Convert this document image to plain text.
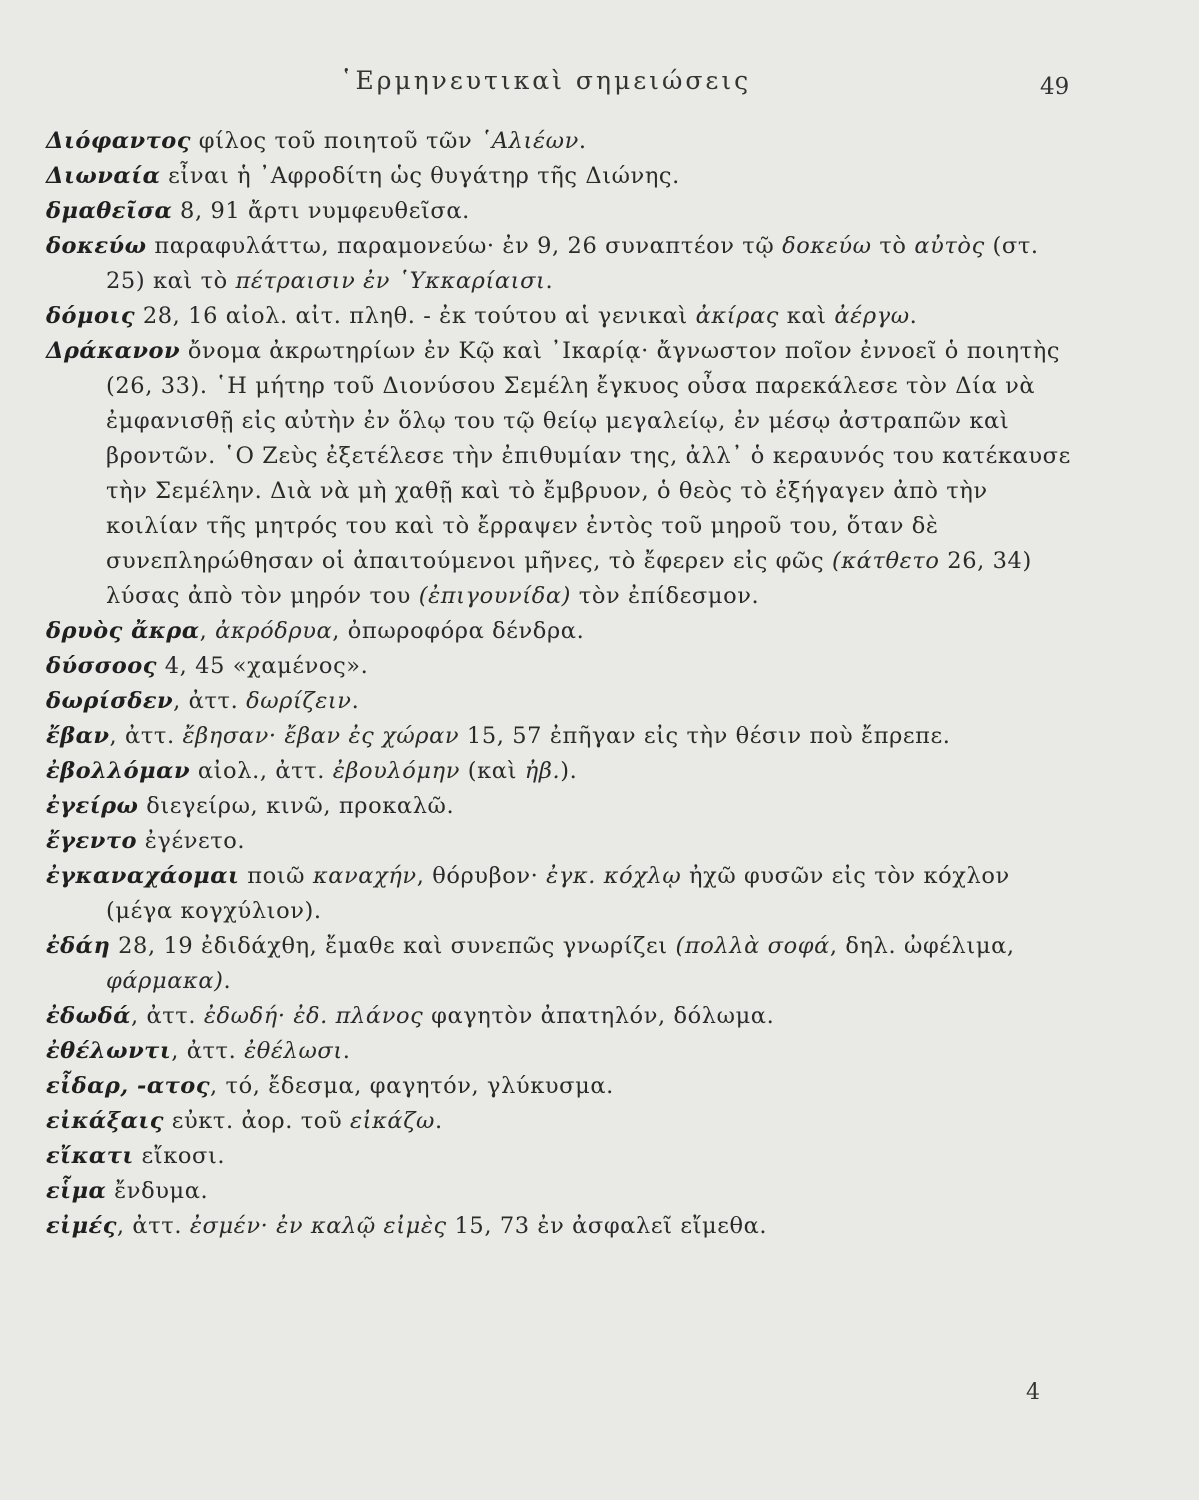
῾Ερμηνευτικαὶ σημειώσεις	49

Διόφαντος φίλος τοῦ ποιητοῦ τῶν ῾Αλιέων.

Διωναία εἶναι ἡ ᾿Αφροδίτη ὡς θυγάτηρ τῆς Διώνης.

δμαθεῖσα 8, 91 ἄρτι νυμφευθεῖσα.

δοκεύω παραφυλάττω, παραμονεύω· ἐν 9, 26 συναπτέον τῷ δοκεύω τὸ αὐτὸς (στ. 25) καὶ τὸ πέτραισιν ἐν ῾Υκκαρίαισι.

δόμοις 28, 16 αἰολ. αἰτ. πληθ. - ἐκ τούτου αἱ γενικαὶ ἀκίρας καὶ ἀέργω.

Δράκανον ὄνομα ἀκρωτηρίων ἐν Κῷ καὶ ᾿Ικαρίᾳ· ἄγνωστον ποῖον ἐννοεῖ ὁ ποιητὴς (26, 33). ῾Η μήτηρ τοῦ Διονύσου Σεμέλη ἔγκυος οὖσα παρεκάλεσε τὸν Δία νὰ ἐμφανισθῇ εἰς αὐτὴν ἐν ὅλῳ του τῷ θείῳ μεγαλείῳ, ἐν μέσῳ ἀστραπῶν καὶ βροντῶν. ῾Ο Ζεὺς ἐξετέλεσε τὴν ἐπιθυμίαν της, ἀλλ᾿ ὁ κεραυνός του κατέκαυσε τὴν Σεμέλην. Διὰ νὰ μὴ χαθῇ καὶ τὸ ἔμβρυον, ὁ θεὸς τὸ ἐξήγαγεν ἀπὸ τὴν κοιλίαν τῆς μητρός του καὶ τὸ ἔρραψεν ἐντὸς τοῦ μηροῦ του, ὅταν δὲ συνεπληρώθησαν οἱ ἀπαιτούμενοι μῆνες, τὸ ἔφερεν εἰς φῶς (κάτθετο 26, 34) λύσας ἀπὸ τὸν μηρόν του (ἐπιγουνίδα) τὸν ἐπίδεσμον.

δρυὸς ἄκρα, ἀκρόδρυα, ὀπωροφόρα δένδρα.

δύσσοος 4, 45 «χαμένος».

δωρίσδεν, ἀττ. δωρίζειν.

ἔβαν, ἀττ. ἔβησαν· ἔβαν ἐς χώραν 15, 57 ἐπῆγαν εἰς τὴν θέσιν ποὺ ἔπρεπε.

ἐβολλόμαν αἰολ., ἀττ. ἐβουλόμην (καὶ ἠβ.).

ἐγείρω διεγείρω, κινῶ, προκαλῶ.

ἔγεντο ἐγένετο.

ἐγκαναχάομαι ποιῶ καναχήν, θόρυβον· ἐγκ. κόχλῳ ἠχῶ φυσῶν εἰς τὸν κόχλον (μέγα κογχύλιον).

ἐδάη 28, 19 ἐδιδάχθη, ἔμαθε καὶ συνεπῶς γνωρίζει (πολλὰ σοφά, δηλ. ὠφέλιμα, φάρμακα).

ἐδωδά, ἀττ. ἐδωδή· ἐδ. πλάνος φαγητὸν ἀπατηλόν, δόλωμα.

ἐθέλωντι, ἀττ. ἐθέλωσι.

εἶδαρ, -ατος, τό, ἔδεσμα, φαγητόν, γλύκυσμα.

εἰκάξαις εὐκτ. ἀορ. τοῦ εἰκάζω.

εἴκατι εἴκοσι.

εἷμα ἔνδυμα.

εἰμές, ἀττ. ἐσμέν· ἐν καλῷ εἰμὲς 15, 73 ἐν ἀσφαλεῖ εἴμεθα.

4
